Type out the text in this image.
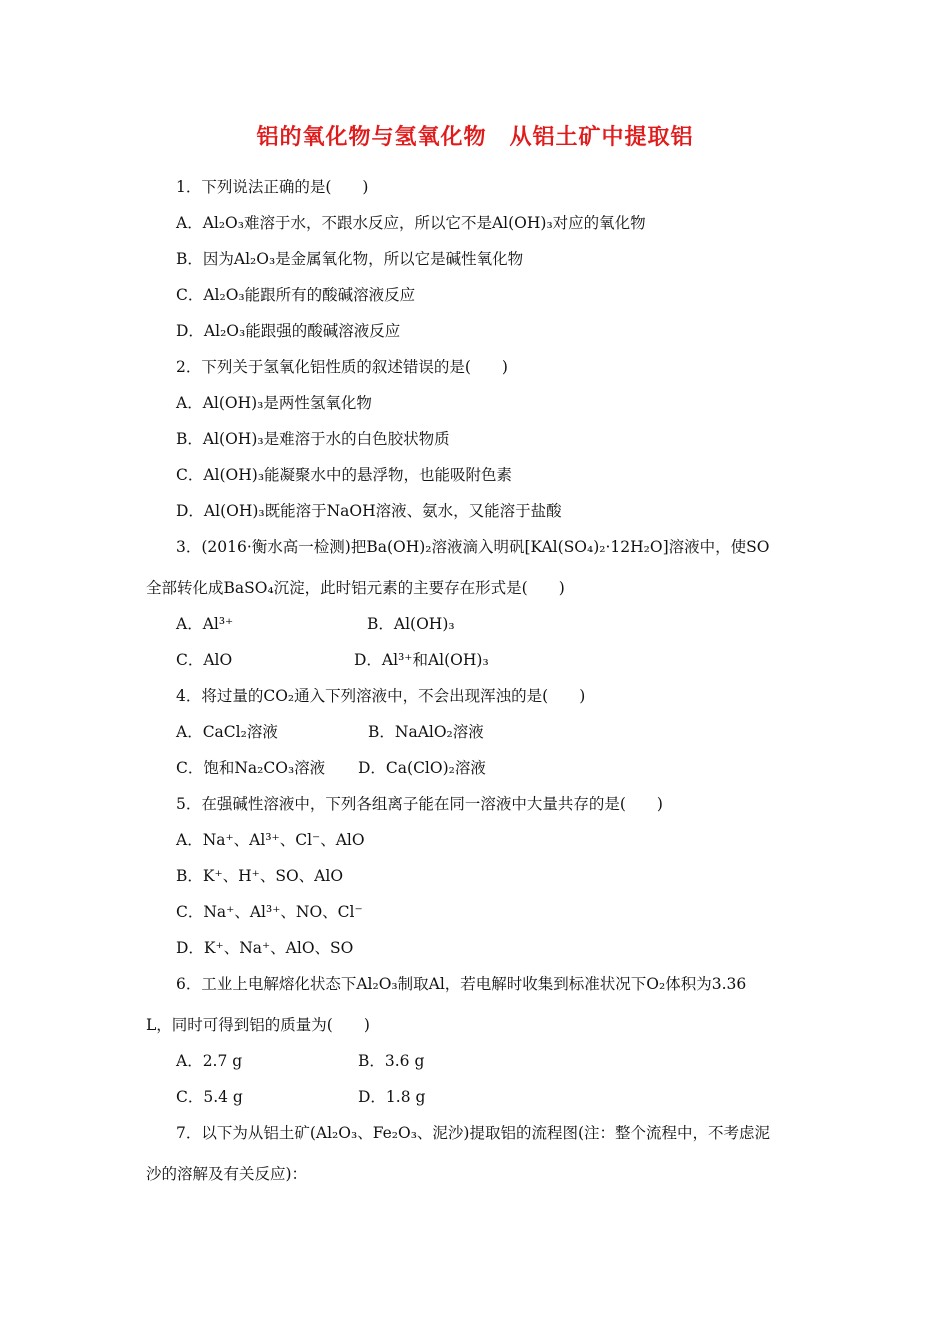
铝的氧化物与氢氧化物　从铝土矿中提取铝
1．下列说法正确的是(　　)
A．Al₂O₃难溶于水，不跟水反应，所以它不是Al(OH)₃对应的氧化物
B．因为Al₂O₃是金属氧化物，所以它是碱性氧化物
C．Al₂O₃能跟所有的酸碱溶液反应
D．Al₂O₃能跟强的酸碱溶液反应
2．下列关于氢氧化铝性质的叙述错误的是(　　)
A．Al(OH)₃是两性氢氧化物
B．Al(OH)₃是难溶于水的白色胶状物质
C．Al(OH)₃能凝聚水中的悬浮物，也能吸附色素
D．Al(OH)₃既能溶于NaOH溶液、氨水，又能溶于盐酸
3．(2016·衡水高一检测)把Ba(OH)₂溶液滴入明矾[KAl(SO₄)₂·12H₂O]溶液中，使SO
全部转化成BaSO₄沉淀，此时铝元素的主要存在形式是(　　)
A．Al³⁺	B．Al(OH)₃
C．AlO	D．Al³⁺和Al(OH)₃
4．将过量的CO₂通入下列溶液中，不会出现浑浊的是(　　)
A．CaCl₂溶液	B．NaAlO₂溶液
C．饱和Na₂CO₃溶液 D．Ca(ClO)₂溶液
5．在强碱性溶液中，下列各组离子能在同一溶液中大量共存的是(　　)
A．Na⁺、Al³⁺、Cl⁻、AlO
B．K⁺、H⁺、SO、AlO
C．Na⁺、Al³⁺、NO、Cl⁻
D．K⁺、Na⁺、AlO、SO
6．工业上电解熔化状态下Al₂O₃制取Al，若电解时收集到标准状况下O₂体积为3.36
L，同时可得到铝的质量为(　　)
A．2.7 g	B．3.6 g
C．5.4 g	D．1.8 g
7．以下为从铝土矿(Al₂O₃、Fe₂O₃、泥沙)提取铝的流程图(注：整个流程中，不考虑泥
沙的溶解及有关反应)：
